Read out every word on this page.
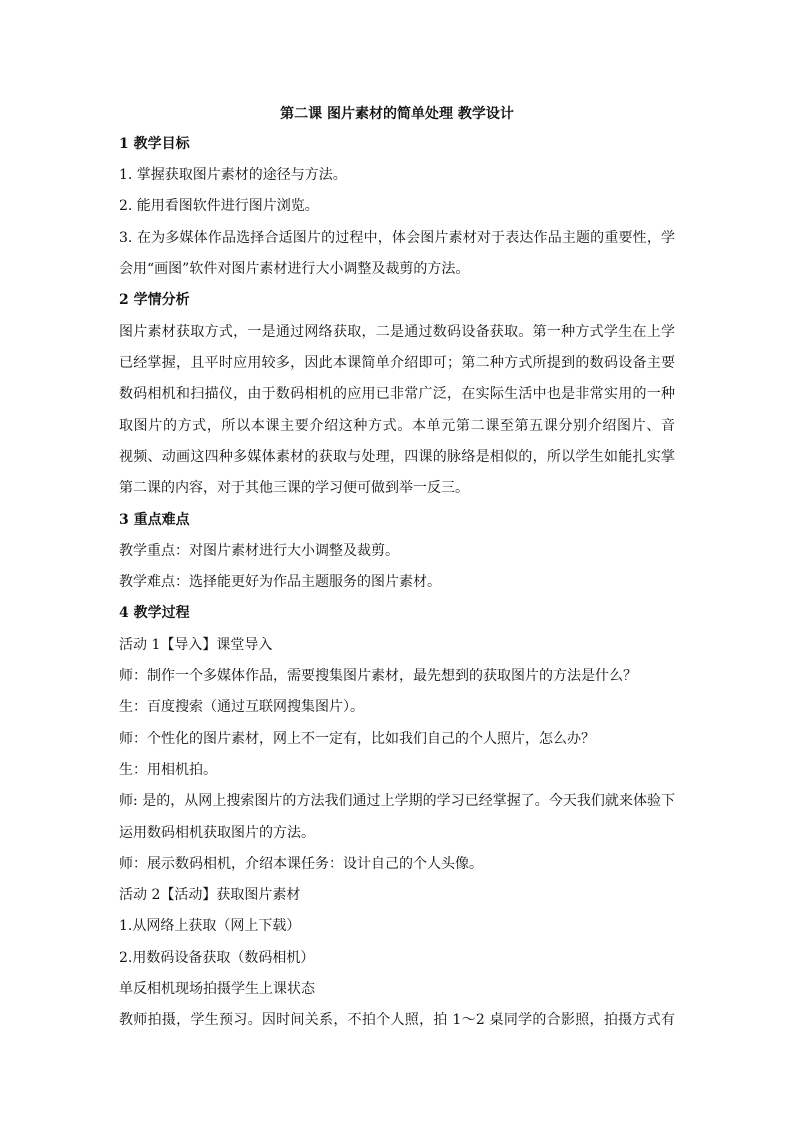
第二课 图片素材的简单处理 教学设计
1 教学目标
1. 掌握获取图片素材的途径与方法。
2. 能用看图软件进行图片浏览。
3. 在为多媒体作品选择合适图片的过程中，体会图片素材对于表达作品主题的重要性，学
会用“画图”软件对图片素材进行大小调整及裁剪的方法。
2 学情分析
图片素材获取方式，一是通过网络获取，二是通过数码设备获取。第一种方式学生在上学
已经掌握，且平时应用较多，因此本课简单介绍即可；第二种方式所提到的数码设备主要
数码相机和扫描仪，由于数码相机的应用已非常广泛，在实际生活中也是非常实用的一种
取图片的方式，所以本课主要介绍这种方式。本单元第二课至第五课分别介绍图片、音
视频、动画这四种多媒体素材的获取与处理，四课的脉络是相似的，所以学生如能扎实掌
第二课的内容，对于其他三课的学习便可做到举一反三。
3 重点难点
教学重点：对图片素材进行大小调整及裁剪。
教学难点：选择能更好为作品主题服务的图片素材。
4 教学过程
活动 1【导入】课堂导入
师：制作一个多媒体作品，需要搜集图片素材，最先想到的获取图片的方法是什么？
生：百度搜索（通过互联网搜集图片）。
师：个性化的图片素材，网上不一定有，比如我们自己的个人照片，怎么办？
生：用相机拍。
师: 是的，从网上搜索图片的方法我们通过上学期的学习已经掌握了。今天我们就来体验下
运用数码相机获取图片的方法。
师：展示数码相机，介绍本课任务：设计自己的个人头像。
活动 2【活动】获取图片素材
1.从网络上获取（网上下载）
2.用数码设备获取（数码相机）
单反相机现场拍摄学生上课状态
教师拍摄，学生预习。因时间关系，不拍个人照，拍 1～2 桌同学的合影照，拍摄方式有
